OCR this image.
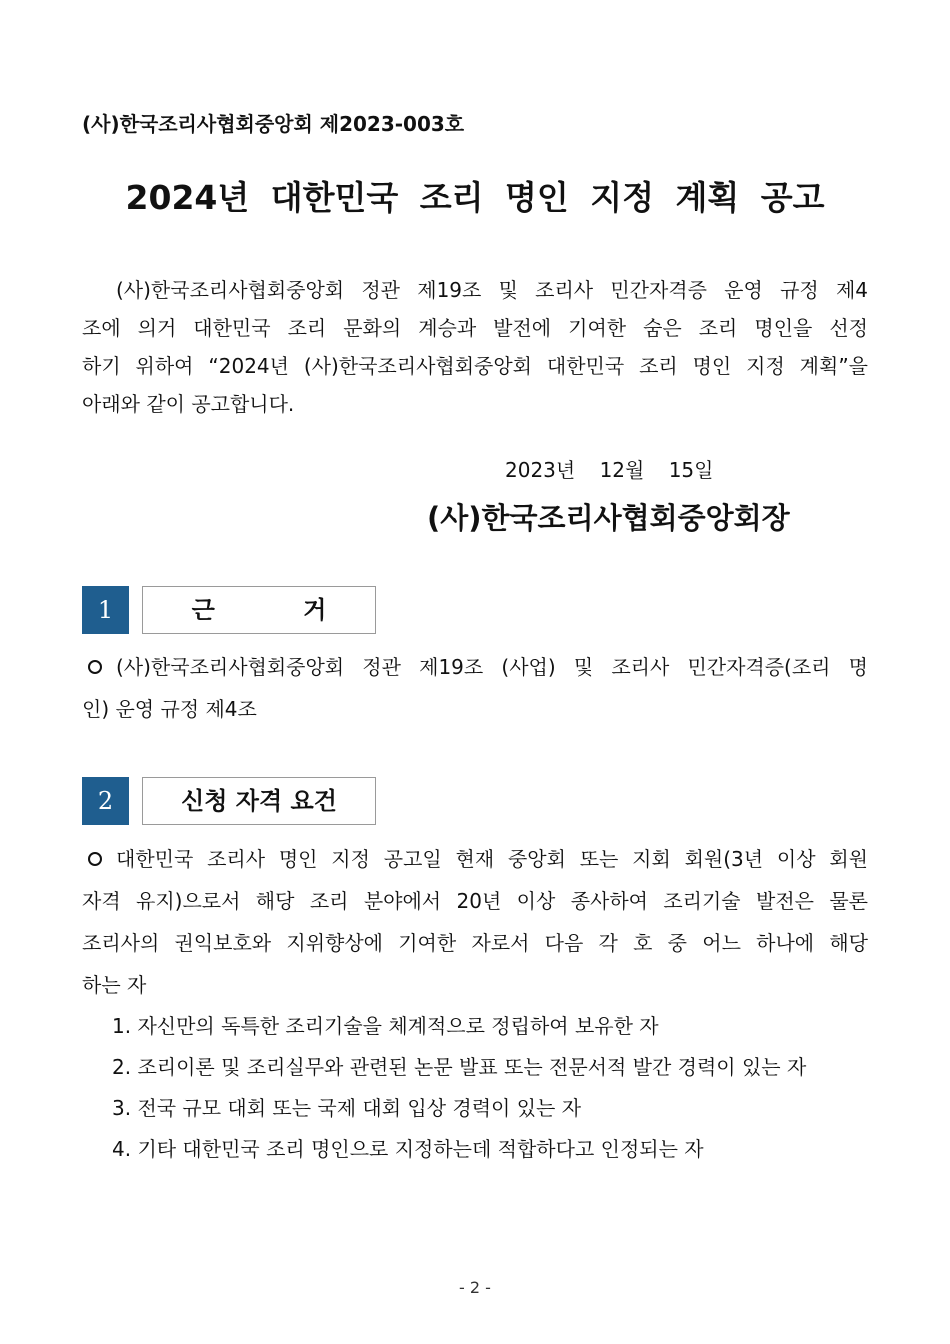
(사)한국조리사협회중앙회 제2023-003호
2024년 대한민국 조리 명인 지정 계획 공고
(사)한국조리사협회중앙회 정관 제19조 및 조리사 민간자격증 운영 규정 제4
조에 의거 대한민국 조리 문화의 계승과 발전에 기여한 숨은 조리 명인을 선정
하기 위하여 “2024년 (사)한국조리사협회중앙회 대한민국 조리 명인 지정 계획”을
아래와 같이 공고합니다.
2023년 12월 15일
(사)한국조리사협회중앙회장
1	근 거
(사)한국조리사협회중앙회 정관 제19조 (사업) 및 조리사 민간자격증(조리 명
인) 운영 규정 제4조
2	신청 자격 요건
대한민국 조리사 명인 지정 공고일 현재 중앙회 또는 지회 회원(3년 이상 회원
자격 유지)으로서 해당 조리 분야에서 20년 이상 종사하여 조리기술 발전은 물론
조리사의 권익보호와 지위향상에 기여한 자로서 다음 각 호 중 어느 하나에 해당
하는 자
1. 자신만의 독특한 조리기술을 체계적으로 정립하여 보유한 자
2. 조리이론 및 조리실무와 관련된 논문 발표 또는 전문서적 발간 경력이 있는 자
3. 전국 규모 대회 또는 국제 대회 입상 경력이 있는 자
4. 기타 대한민국 조리 명인으로 지정하는데 적합하다고 인정되는 자
- 2 -
